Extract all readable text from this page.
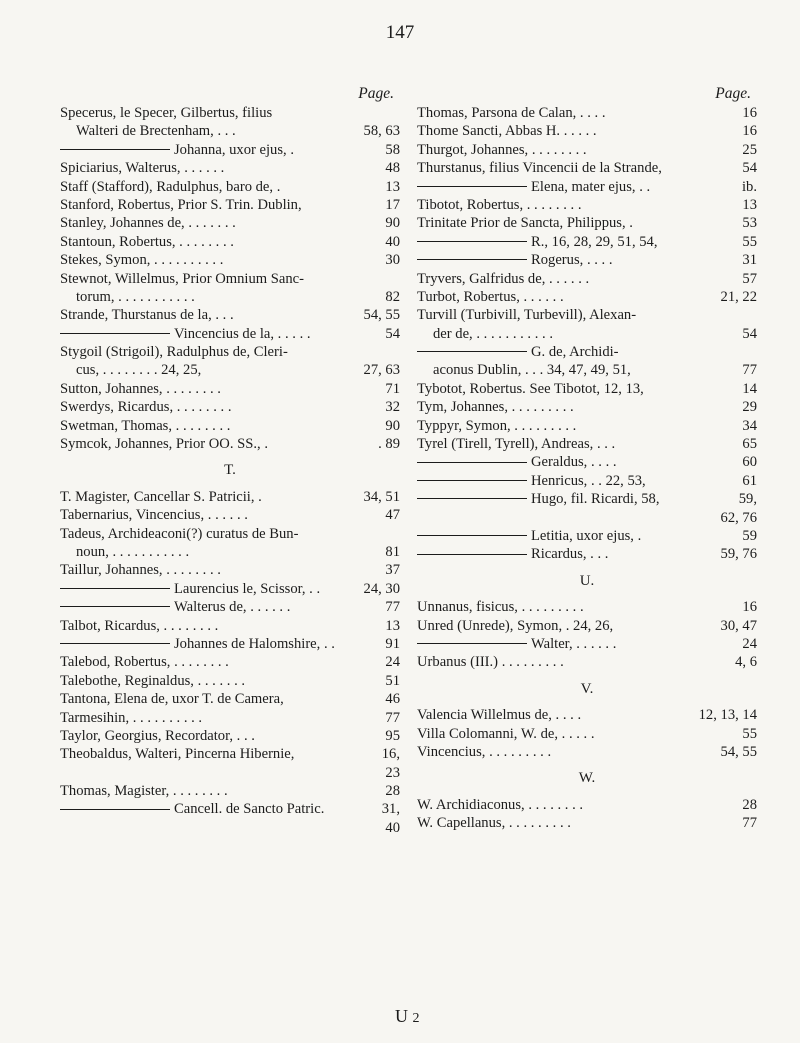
147
Page.
Specerus, le Specer, Gilbertus, filius
Walteri de Brectenham, . . .	58, 63
Johanna, uxor ejus, .	58
Spiciarius, Walterus, . . . . . .	48
Staff (Stafford), Radulphus, baro de, .	13
Stanford, Robertus, Prior S. Trin. Dublin,	17
Stanley, Johannes de, . . . . . . .	90
Stantoun, Robertus, . . . . . . . .	40
Stekes, Symon, . . . . . . . . . .	30
Stewnot, Willelmus, Prior Omnium Sanc-
torum, . . . . . . . . . . .	82
Strande, Thurstanus de la, . . .	54, 55
Vincencius de la, . . . . .	54
Stygoil (Strigoil), Radulphus de, Cleri-
cus, . . . . . . . . 24, 25,	27, 63
Sutton, Johannes, . . . . . . . .	71
Swerdys, Ricardus, . . . . . . . .	32
Swetman, Thomas, . . . . . . . .	90
Symcok, Johannes, Prior OO. SS., .	. 89
T.
T. Magister, Cancellar S. Patricii, .	34, 51
Tabernarius, Vincencius, . . . . . .	47
Tadeus, Archideaconi(?) curatus de Bun-
noun, . . . . . . . . . . .	81
Taillur, Johannes, . . . . . . . .	37
Laurencius le, Scissor, . .	24, 30
Walterus de, . . . . . .	77
Talbot, Ricardus, . . . . . . . .	13
Johannes de Halomshire, . .	91
Talebod, Robertus, . . . . . . . .	24
Talebothe, Reginaldus, . . . . . . .	51
Tantona, Elena de, uxor T. de Camera,	46
Tarmesihin, . . . . . . . . . .	77
Taylor, Georgius, Recordator, . . .	95
Theobaldus, Walteri, Pincerna Hibernie,	16,
23
Thomas, Magister, . . . . . . . .	28
Cancell. de Sancto Patric.	31,
40
Page.
Thomas, Parsona de Calan, . . . .	16
Thome Sancti, Abbas H. . . . . .	16
Thurgot, Johannes, . . . . . . . .	25
Thurstanus, filius Vincencii de la Strande,	54
Elena, mater ejus, . .	ib.
Tibotot, Robertus, . . . . . . . .	13
Trinitate Prior de Sancta, Philippus, .	53
R., 16, 28, 29, 51, 54,	55
Rogerus, . . . .	31
Tryvers, Galfridus de, . . . . . .	57
Turbot, Robertus, . . . . . .	21, 22
Turvill (Turbivill, Turbevill), Alexan-
der de, . . . . . . . . . . .	54
G. de, Archidi-
aconus Dublin, . . . 34, 47, 49, 51,	77
Tybotot, Robertus. See Tibotot, 12, 13,	14
Tym, Johannes, . . . . . . . . .	29
Typpyr, Symon, . . . . . . . . .	34
Tyrel (Tirell, Tyrell), Andreas, . . .	65
Geraldus, . . . .	60
Henricus, . . 22, 53,	61
Hugo, fil. Ricardi, 58,	59,
62, 76
Letitia, uxor ejus, .	59
Ricardus, . . .	59, 76
U.
Unnanus, fisicus, . . . . . . . . .	16
Unred (Unrede), Symon, . 24, 26,	30, 47
Walter, . . . . . .	24
Urbanus (III.) . . . . . . . . .	4, 6
V.
Valencia Willelmus de, . . . .	12, 13, 14
Villa Colomanni, W. de, . . . . .	55
Vincencius, . . . . . . . . .	54, 55
W.
W. Archidiaconus, . . . . . . . .	28
W. Capellanus, . . . . . . . . .	77
U 2
